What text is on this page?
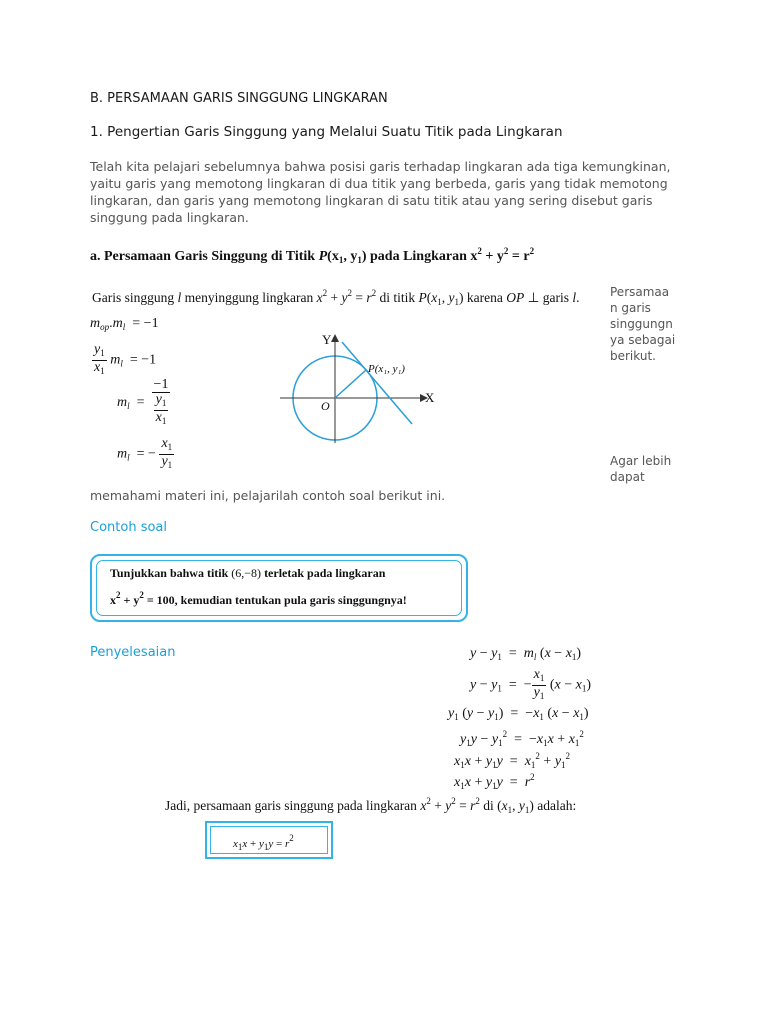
B. PERSAMAAN GARIS SINGGUNG LINGKARAN
1. Pengertian Garis Singgung yang Melalui Suatu Titik pada Lingkaran
Telah kita pelajari sebelumnya bahwa posisi garis terhadap lingkaran ada tiga kemungkinan,
yaitu garis yang memotong lingkaran di dua titik yang berbeda, garis yang tidak memotong
lingkaran, dan garis yang memotong lingkaran di satu titik atau yang sering disebut garis
singgung pada lingkaran.
a. Persamaan Garis Singgung di Titik $P(x_1$, $y_1$) pada Lingkaran $x^2 + y^2 = r^2$
Garis singgung l menyinggung lingkaran $x^2 + y^2 = r^2$ di titik $P(x_1$, $y_1$) karena OP ⊥ garis l.
$m_{op}.m_l = -1$
$\frac{y_1}{x_1} m_l = -1$
$m_l = \frac{-1}{\frac{y_1}{x_1}}$
$m_l$ = − $\frac{x_1}{y_1}$
Y
X
O
P(x₁, y₁)
Persamaa
n garis
singgungn
ya sebagai
berikut.
Agar lebih
dapat
memahami materi ini, pelajarilah contoh soal berikut ini.
Contoh soal
Tunjukkan bahwa titik (6,−8) terletak pada lingkaran
$x^2 + y^2 = 100$, kemudian tentukan pula garis singgungnya!
Penyelesaian	$y - y_1 = m_l$ $(x - x_1)$
$y - y_1$  =  − $\frac{x_1}{y_1} (x - x_1)$
$y_1$ $(y - y_1) = -x_1$ $(x - x_1)$
$y_1y - y_1^2 = -x_1x + x_1^2$
$x_1x + y_1y = x_1^2 + y_1^2$
$x_1x + y_1y = r^2$
Jadi, persamaan garis singgung pada lingkaran $x^2 + y^2 = r^2$ di ($x_1$, $y_1$) adalah:
$x_1x + y_1y = r^2$
